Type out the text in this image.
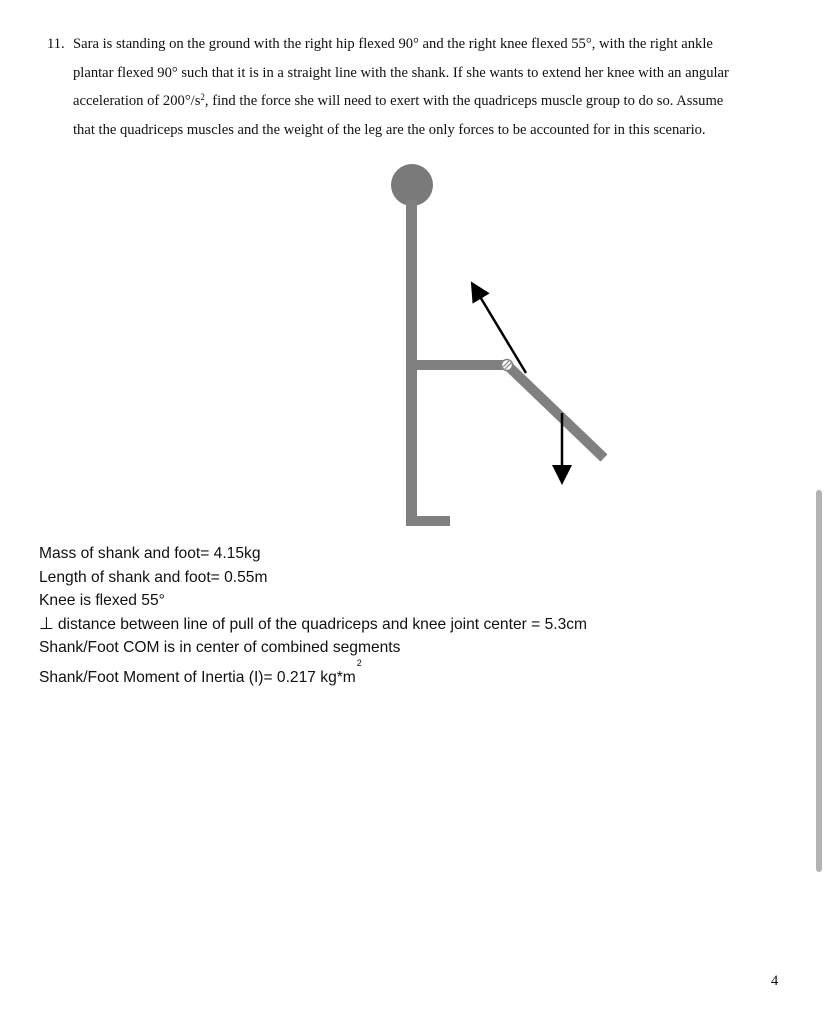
11. Sara is standing on the ground with the right hip flexed 90° and the right knee flexed 55°, with the right ankle
plantar flexed 90° such that it is in a straight line with the shank. If she wants to extend her knee with an angular
acceleration of $200^\circ/s^2$, find the force she will need to exert with the quadriceps muscle group to do so. Assume
that the quadriceps muscles and the weight of the leg are the only forces to be accounted for in this scenario.
Mass of shank and foot= 4.15kg
Length of shank and foot= 0.55m
Knee is flexed 55°
⊥ distance between line of pull of the quadriceps and knee joint center = 5.3cm
Shank/Foot COM is in center of combined segments
Shank/Foot Moment of Inertia (I)= 0.217 $kg*m^2$
4
